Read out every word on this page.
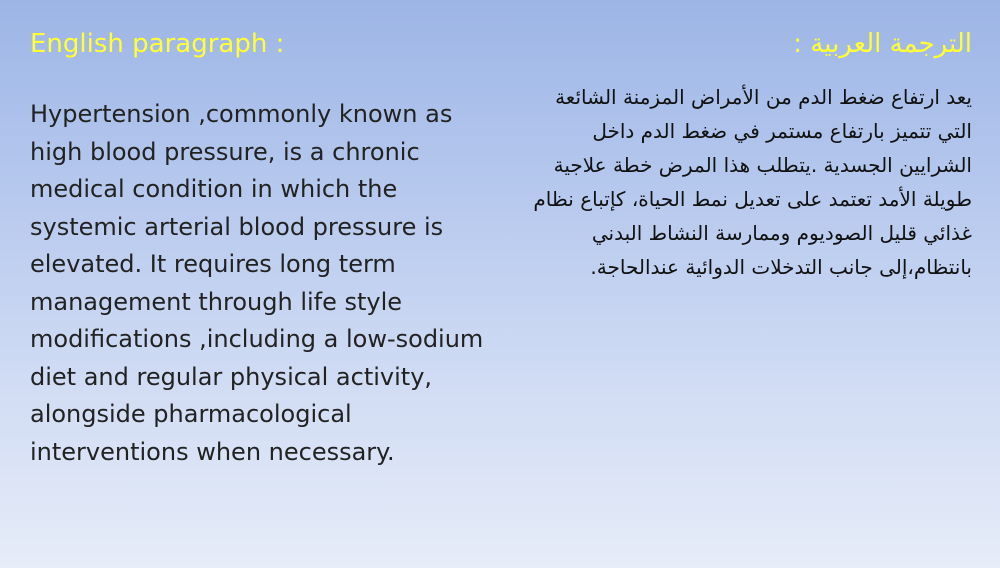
English paragraph :

Hypertension ,commonly known as high blood pressure, is a chronic medical condition in which the systemic arterial blood pressure is elevated. It requires long term management through life style modifications ,including a low-sodium diet and regular physical activity, alongside pharmacological interventions when necessary.

الترجمة العربية :

يعد ارتفاع ضغط الدم من الأمراض المزمنة الشائعة التي تتميز بارتفاع مستمر في ضغط الدم داخل الشرايين الجسدية .يتطلب هذا المرض خطة علاجية طويلة الأمد تعتمد على تعديل نمط الحياة، كإتباع نظام غذائي قليل الصوديوم وممارسة النشاط البدني بانتظام،إلى جانب التدخلات الدوائية عندالحاجة.
